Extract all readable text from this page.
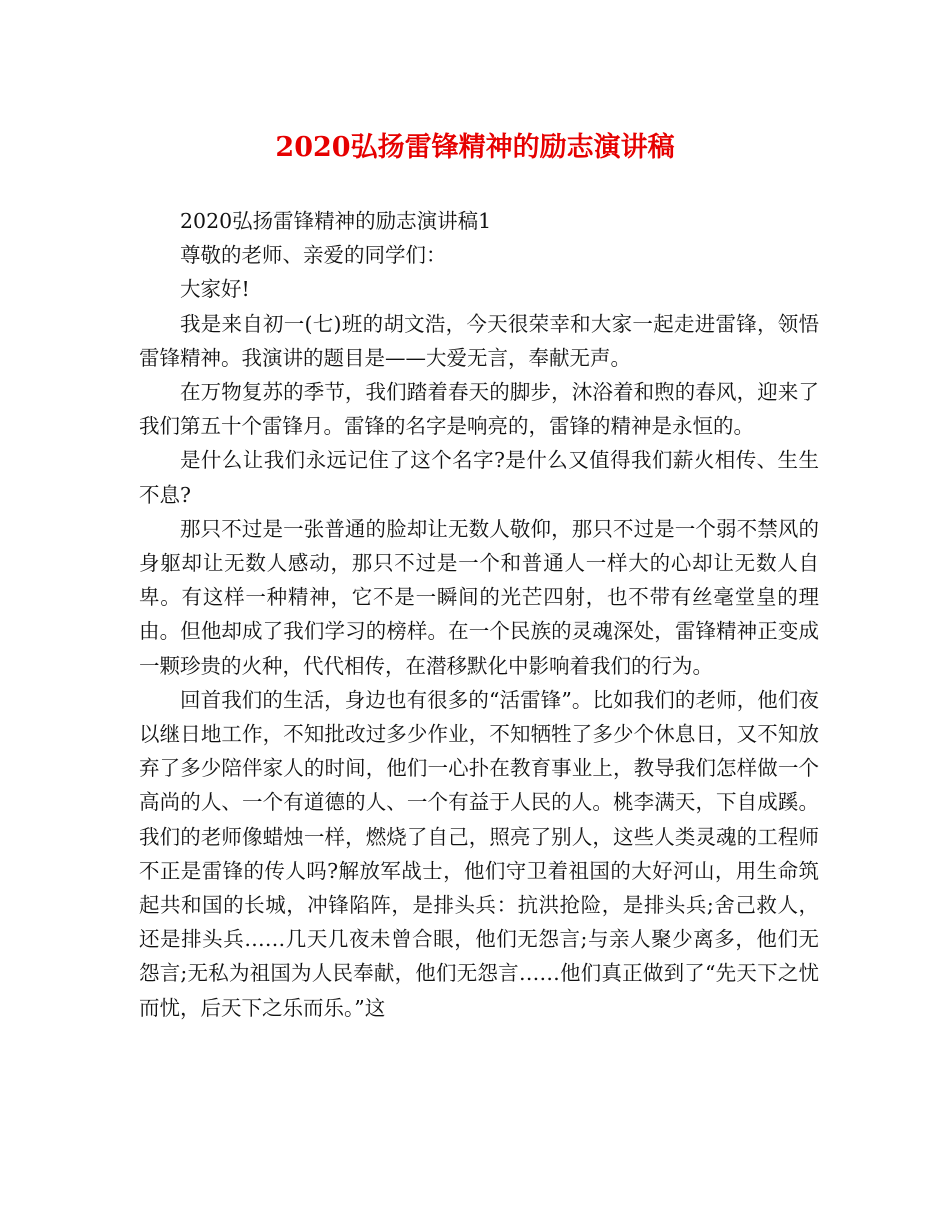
2020弘扬雷锋精神的励志演讲稿

2020弘扬雷锋精神的励志演讲稿1

尊敬的老师、亲爱的同学们：

大家好!

我是来自初一(七)班的胡文浩，今天很荣幸和大家一起走进雷锋，领悟雷锋精神。我演讲的题目是——大爱无言，奉献无声。

在万物复苏的季节，我们踏着春天的脚步，沐浴着和煦的春风，迎来了我们第五十个雷锋月。雷锋的名字是响亮的，雷锋的精神是永恒的。

是什么让我们永远记住了这个名字?是什么又值得我们薪火相传、生生不息?

那只不过是一张普通的脸却让无数人敬仰，那只不过是一个弱不禁风的身躯却让无数人感动，那只不过是一个和普通人一样大的心却让无数人自卑。有这样一种精神，它不是一瞬间的光芒四射，也不带有丝毫堂皇的理由。但他却成了我们学习的榜样。在一个民族的灵魂深处，雷锋精神正变成一颗珍贵的火种，代代相传，在潜移默化中影响着我们的行为。

回首我们的生活，身边也有很多的“活雷锋”。比如我们的老师，他们夜以继日地工作，不知批改过多少作业，不知牺牲了多少个休息日，又不知放弃了多少陪伴家人的时间，他们一心扑在教育事业上，教导我们怎样做一个高尚的人、一个有道德的人、一个有益于人民的人。桃李满天，下自成蹊。我们的老师像蜡烛一样，燃烧了自己，照亮了别人，这些人类灵魂的工程师不正是雷锋的传人吗?解放军战士，他们守卫着祖国的大好河山，用生命筑起共和国的长城，冲锋陷阵，是排头兵：抗洪抢险，是排头兵;舍己救人，还是排头兵……几天几夜未曾合眼，他们无怨言;与亲人聚少离多，他们无怨言;无私为祖国为人民奉献，他们无怨言……他们真正做到了“先天下之忧而忧，后天下之乐而乐。”这
